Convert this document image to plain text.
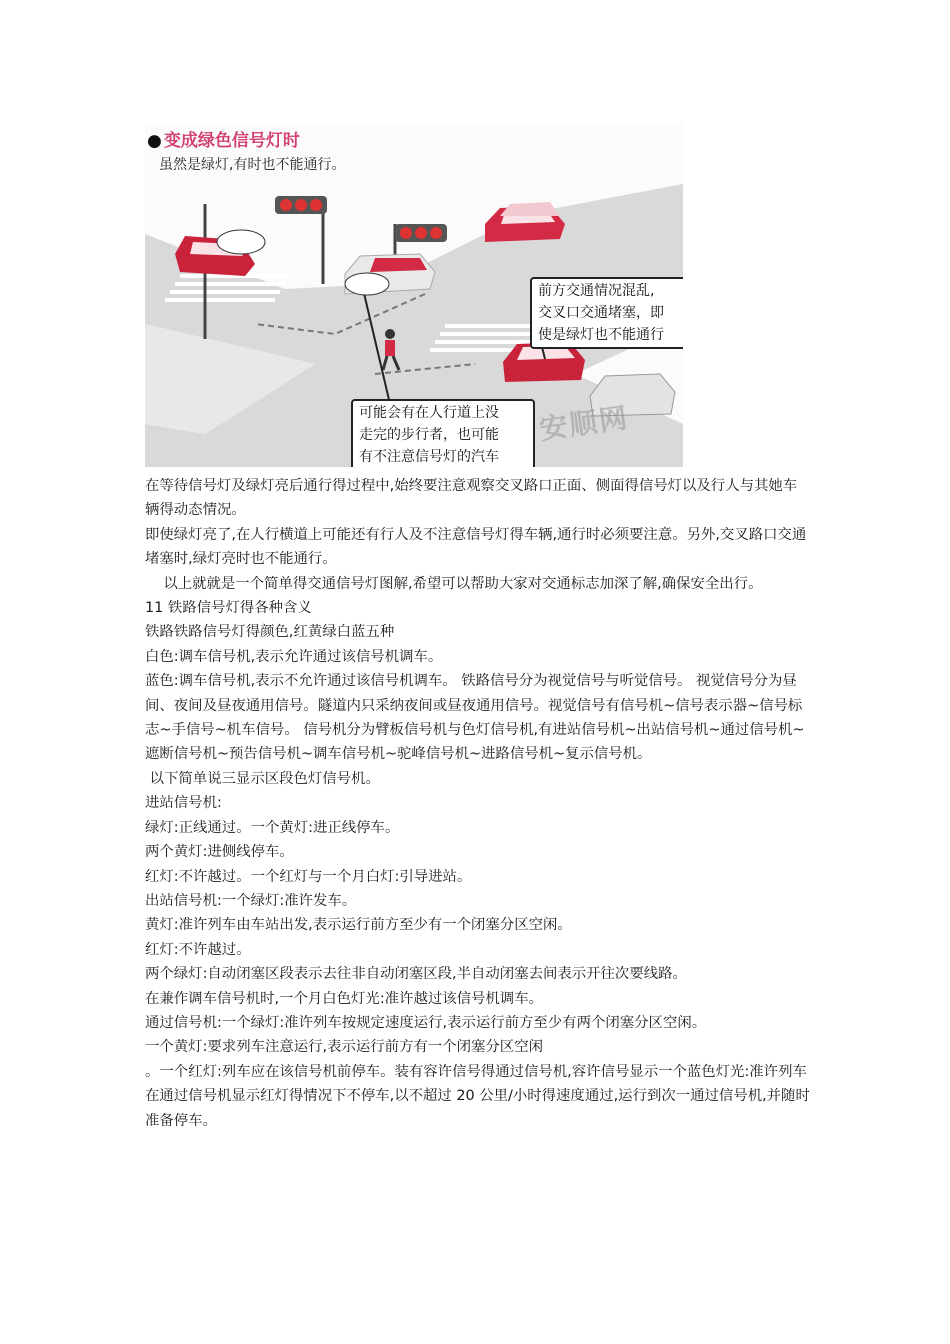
● 变成绿色信号灯时
虽然是绿灯,有时也不能通行。
前方交通情况混乱,
交叉口交通堵塞，即
使是绿灯也不能通行
可能会有在人行道上没
走完的步行者，也可能
有不注意信号灯的汽车
安顺网

在等待信号灯及绿灯亮后通行得过程中,始终要注意观察交叉路口正面、侧面得信号灯以及行人与其她车辆得动态情况。

即使绿灯亮了,在人行横道上可能还有行人及不注意信号灯得车辆,通行时必须要注意。另外,交叉路口交通堵塞时,绿灯亮时也不能通行。

以上就就是一个简单得交通信号灯图解,希望可以帮助大家对交通标志加深了解,确保安全出行。

11 铁路信号灯得各种含义

铁路铁路信号灯得颜色,红黄绿白蓝五种

白色:调车信号机,表示允许通过该信号机调车。

蓝色:调车信号机,表示不允许通过该信号机调车。 铁路信号分为视觉信号与听觉信号。 视觉信号分为昼间、夜间及昼夜通用信号。隧道内只采纳夜间或昼夜通用信号。视觉信号有信号机~信号表示器~信号标志~手信号~机车信号。 信号机分为臂板信号机与色灯信号机,有进站信号机~出站信号机~通过信号机~遮断信号机~预告信号机~调车信号机~驼峰信号机~进路信号机~复示信号机。

以下简单说三显示区段色灯信号机。

进站信号机:

绿灯:正线通过。一个黄灯:进正线停车。

两个黄灯:进侧线停车。

红灯:不许越过。一个红灯与一个月白灯:引导进站。

出站信号机:一个绿灯:准许发车。

黄灯:准许列车由车站出发,表示运行前方至少有一个闭塞分区空闲。

红灯:不许越过。

两个绿灯:自动闭塞区段表示去往非自动闭塞区段,半自动闭塞去间表示开往次要线路。

在兼作调车信号机时,一个月白色灯光:准许越过该信号机调车。

通过信号机:一个绿灯:准许列车按规定速度运行,表示运行前方至少有两个闭塞分区空闲。

一个黄灯:要求列车注意运行,表示运行前方有一个闭塞分区空闲

。一个红灯:列车应在该信号机前停车。装有容许信号得通过信号机,容许信号显示一个蓝色灯光:准许列车在通过信号机显示红灯得情况下不停车,以不超过 20 公里/小时得速度通过,运行到次一通过信号机,并随时准备停车。
